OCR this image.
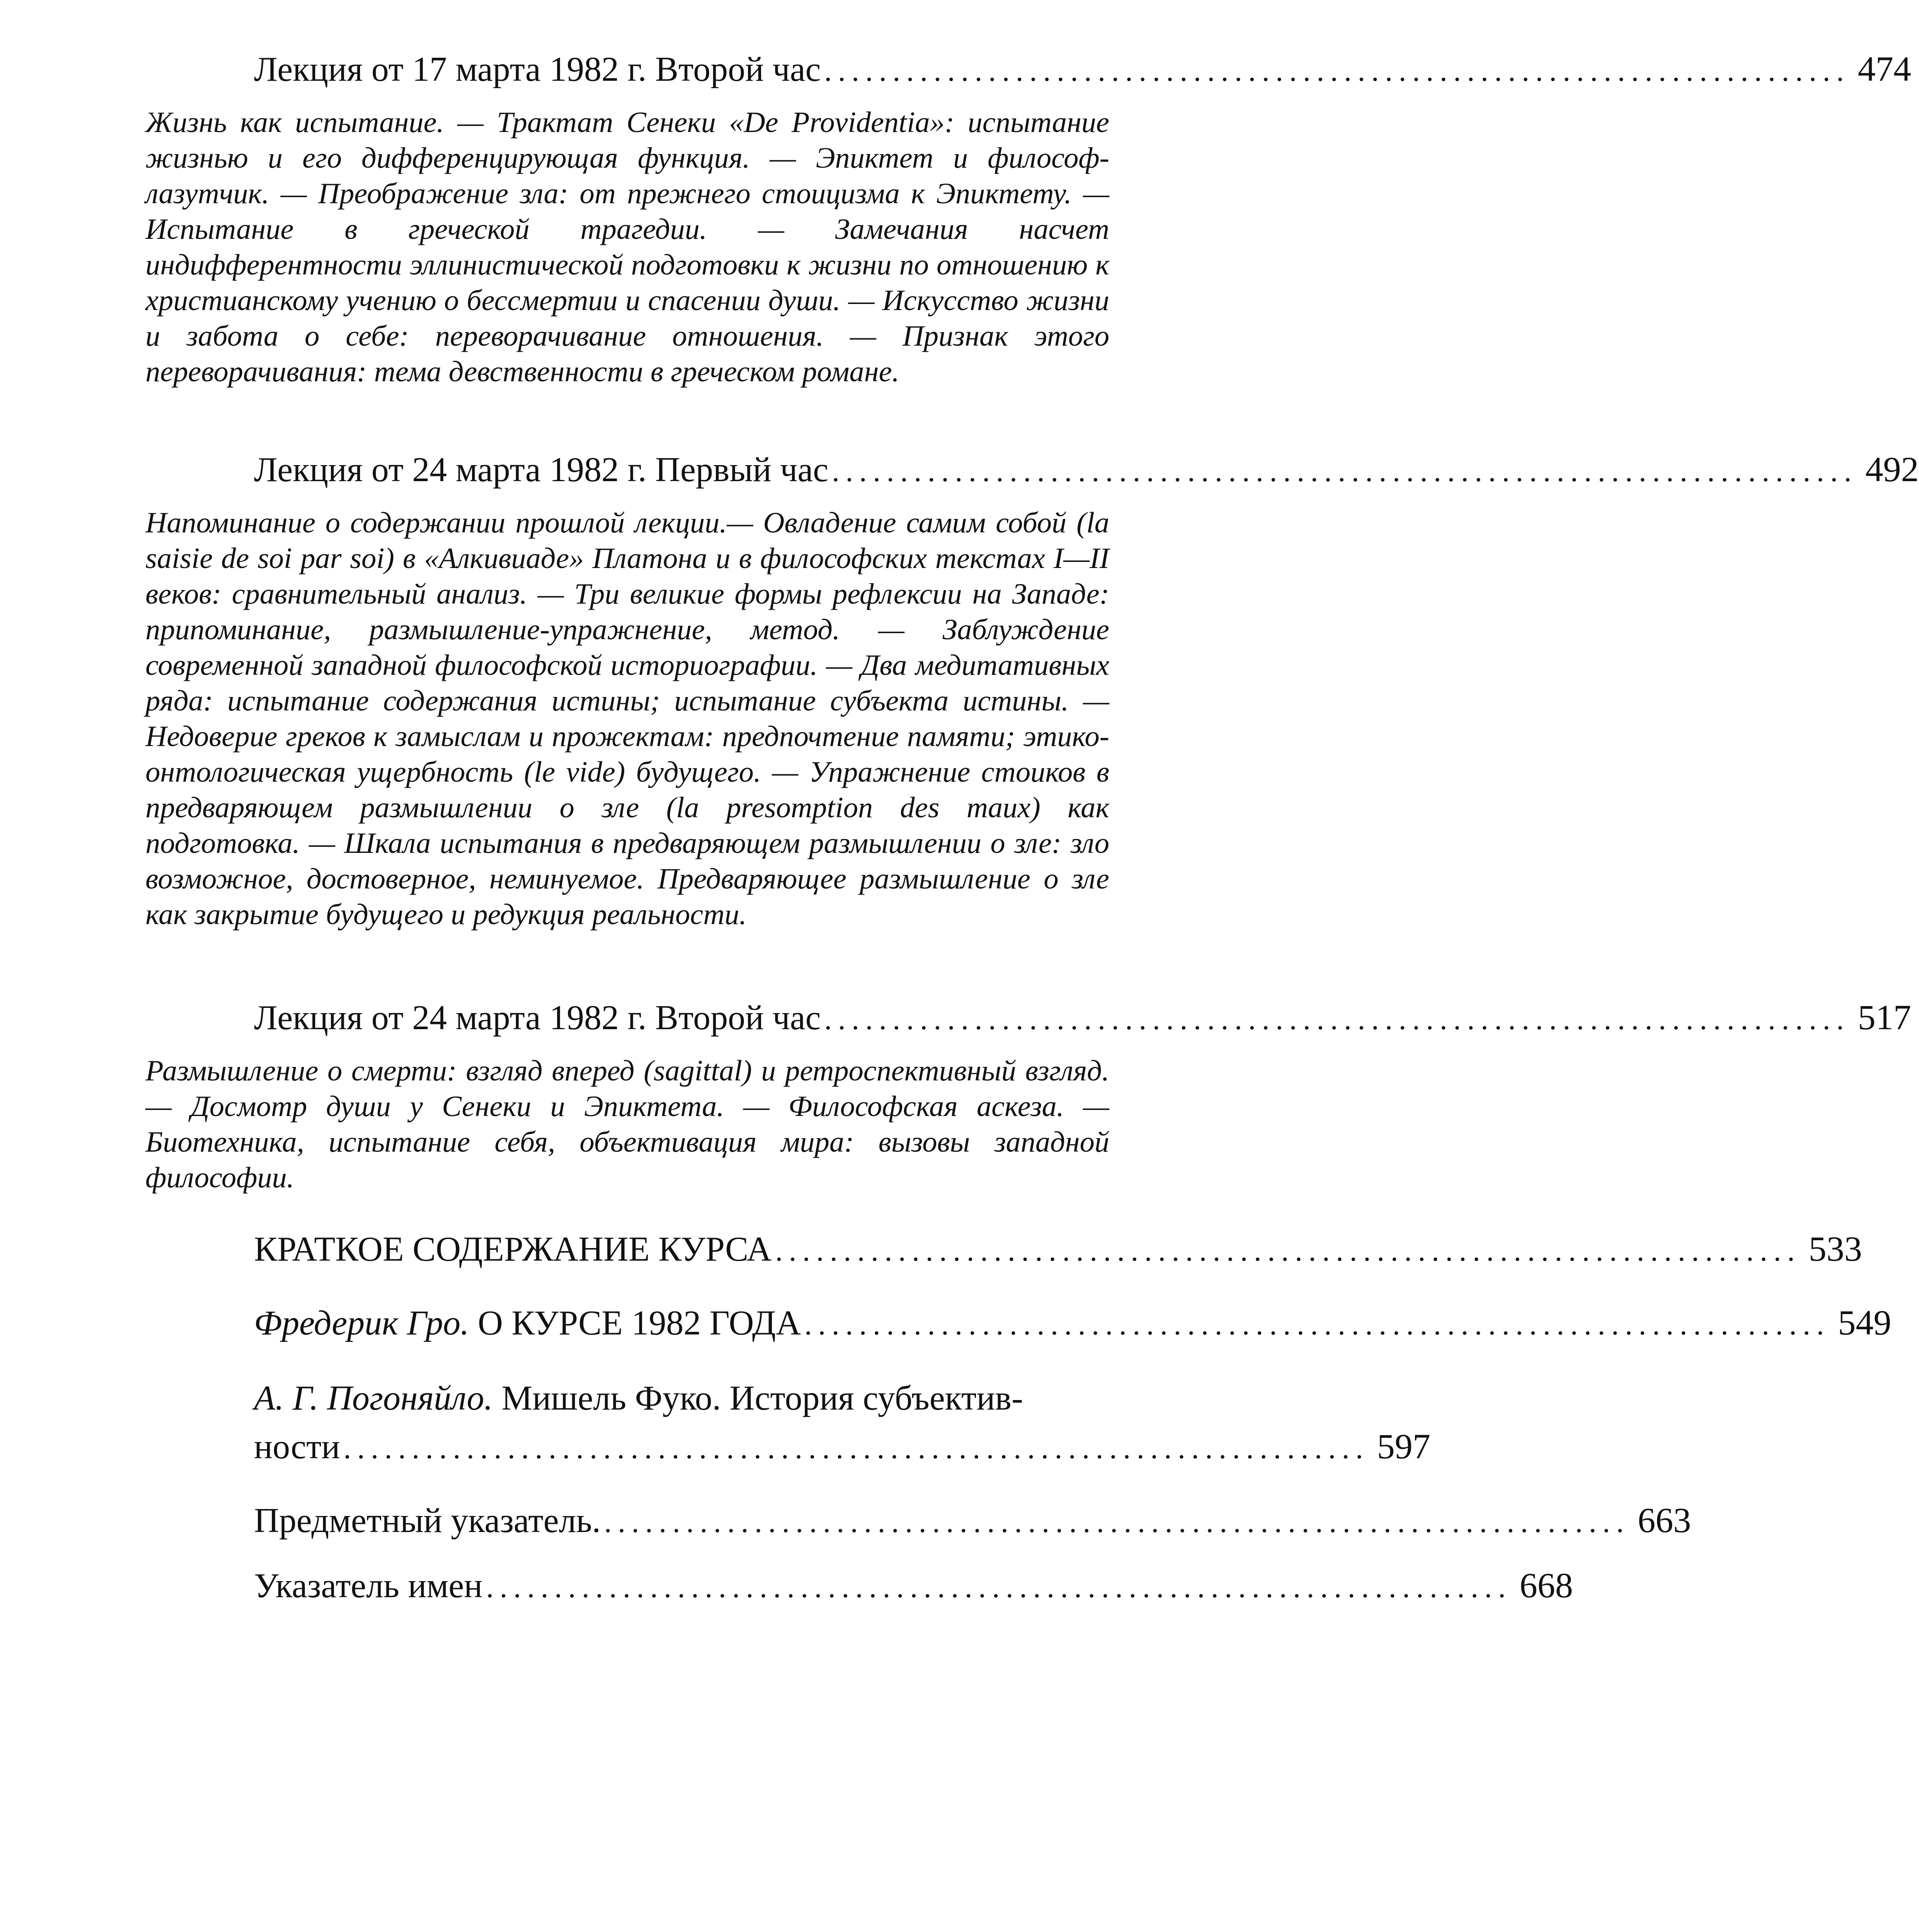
Лекция от 17 марта 1982 г. Второй час ........................................................................... 474

Жизнь как испытание. — Трактат Сенеки «De Providentia»: испытание жизнью и его дифференцирующая функция. — Эпиктет и философ-лазутчик. — Преображение зла: от прежнего стоицизма к Эпиктету. — Испытание в греческой трагедии. — Замечания насчет индифферентности эллинистической подготовки к жизни по отношению к христианскому учению о бессмертии и спасении души. — Искусство жизни и забота о себе: переворачивание отношения. — Признак этого переворачивания: тема девственности в греческом романе.

Лекция от 24 марта 1982 г. Первый час ........................................................................... 492

Напоминание о содержании прошлой лекции.— Овладение самим собой (la saisie de soi par soi) в «Алкивиаде» Платона и в философских текстах I—II веков: сравнительный анализ. — Три великие формы рефлексии на Западе: припоминание, размышление-упражнение, метод. — Заблуждение современной западной философской историографии. — Два медитативных ряда: испытание содержания истины; испытание субъекта истины. — Недоверие греков к замыслам и прожектам: предпочтение памяти; этико-онтологическая ущербность (le vide) будущего. — Упражнение стоиков в предваряющем размышлении о зле (la presomption des maux) как подготовка. — Шкала испытания в предваряющем размышлении о зле: зло возможное, достоверное, неминуемое. Предваряющее размышление о зле как закрытие будущего и редукция реальности.

Лекция от 24 марта 1982 г. Второй час ........................................................................... 517

Размышление о смерти: взгляд вперед (sagittal) и ретроспективный взгляд. — Досмотр души у Сенеки и Эпиктета. — Философская аскеза. — Биотехника, испытание себя, объективация мира: вызовы западной философии.

КРАТКОЕ СОДЕРЖАНИЕ КУРСА ........................................................................... 533
Фредерик Гро. О КУРСЕ 1982 ГОДА ........................................................................... 549
А. Г. Погоняйло. Мишель Фуко. История субъектив-
ности ........................................................................... 597
Предметный указатель. ........................................................................... 663
Указатель имен ........................................................................... 668
